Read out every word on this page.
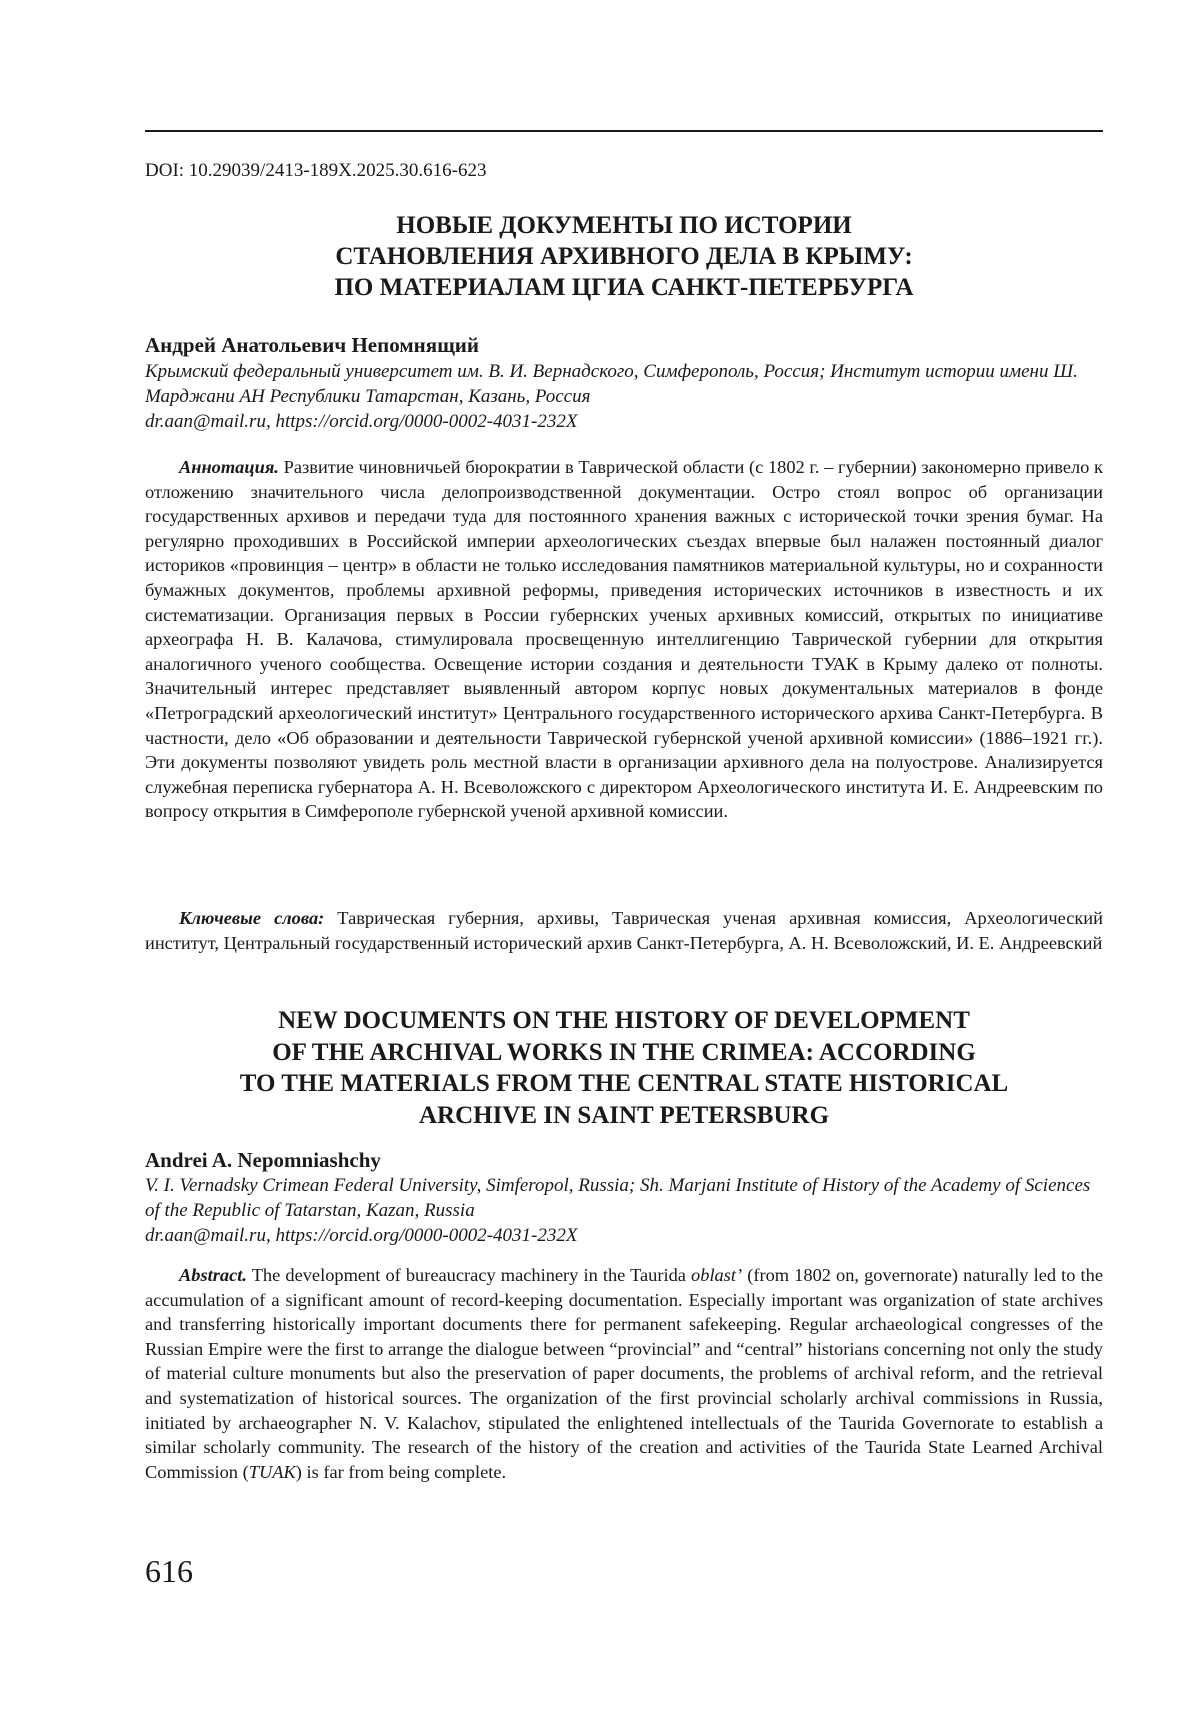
DOI: 10.29039/2413-189X.2025.30.616-623
НОВЫЕ ДОКУМЕНТЫ ПО ИСТОРИИ
СТАНОВЛЕНИЯ АРХИВНОГО ДЕЛА В КРЫМУ:
ПО МАТЕРИАЛАМ ЦГИА САНКТ-ПЕТЕРБУРГА
Андрей Анатольевич Непомнящий
Крымский федеральный университет им. В. И. Вернадского, Симферополь, Россия; Институт истории имени Ш. Марджани АН Республики Татарстан, Казань, Россия
dr.aan@mail.ru, https://orcid.org/0000-0002-4031-232X
Аннотация. Развитие чиновничьей бюрократии в Таврической области (с 1802 г. – губернии) закономерно привело к отложению значительного числа делопроизводственной документации. Остро стоял вопрос об организации государственных архивов и передачи туда для постоянного хранения важных с исторической точки зрения бумаг. На регулярно проходивших в Российской империи археологических съездах впервые был налажен постоянный диалог историков «провинция – центр» в области не только исследования памятников материальной культуры, но и сохранности бумажных документов, проблемы архивной реформы, приведения исторических источников в известность и их систематизации. Организация первых в России губернских ученых архивных комиссий, открытых по инициативе археографа Н. В. Калачова, стимулировала просвещенную интеллигенцию Таврической губернии для открытия аналогичного ученого сообщества. Освещение истории создания и деятельности ТУАК в Крыму далеко от полноты. Значительный интерес представляет выявленный автором корпус новых документальных материалов в фонде «Петроградский археологический институт» Центрального государственного исторического архива Санкт-Петербурга. В частности, дело «Об образовании и деятельности Таврической губернской ученой архивной комиссии» (1886–1921 гг.). Эти документы позволяют увидеть роль местной власти в организации архивного дела на полуострове. Анализируется служебная переписка губернатора А. Н. Всеволожского с директором Археологического института И. Е. Андреевским по вопросу открытия в Симферополе губернской ученой архивной комиссии.
Ключевые слова: Таврическая губерния, архивы, Таврическая ученая архивная комиссия, Археологический институт, Центральный государственный исторический архив Санкт-Петербурга, А. Н. Всеволожский, И. Е. Андреевский
NEW DOCUMENTS ON THE HISTORY OF DEVELOPMENT
OF THE ARCHIVAL WORKS IN THE CRIMEA: ACCORDING
TO THE MATERIALS FROM THE CENTRAL STATE HISTORICAL
ARCHIVE IN SAINT PETERSBURG
Andrei A. Nepomniashchy
V. I. Vernadsky Crimean Federal University, Simferopol, Russia; Sh. Marjani Institute of History of the Academy of Sciences of the Republic of Tatarstan, Kazan, Russia
dr.aan@mail.ru, https://orcid.org/0000-0002-4031-232X
Abstract. The development of bureaucracy machinery in the Taurida oblast’ (from 1802 on, governorate) naturally led to the accumulation of a significant amount of record-keeping documentation. Especially important was organization of state archives and transferring historically important documents there for permanent safekeeping. Regular archaeological congresses of the Russian Empire were the first to arrange the dialogue between “provincial” and “central” historians concerning not only the study of material culture monuments but also the preservation of paper documents, the problems of archival reform, and the retrieval and systematization of historical sources. The organization of the first provincial scholarly archival commissions in Russia, initiated by archaeographer N. V. Kalachov, stipulated the enlightened intellectuals of the Taurida Governorate to establish a similar scholarly community. The research of the history of the creation and activities of the Taurida State Learned Archival Commission (TUAK) is far from being complete.
616
